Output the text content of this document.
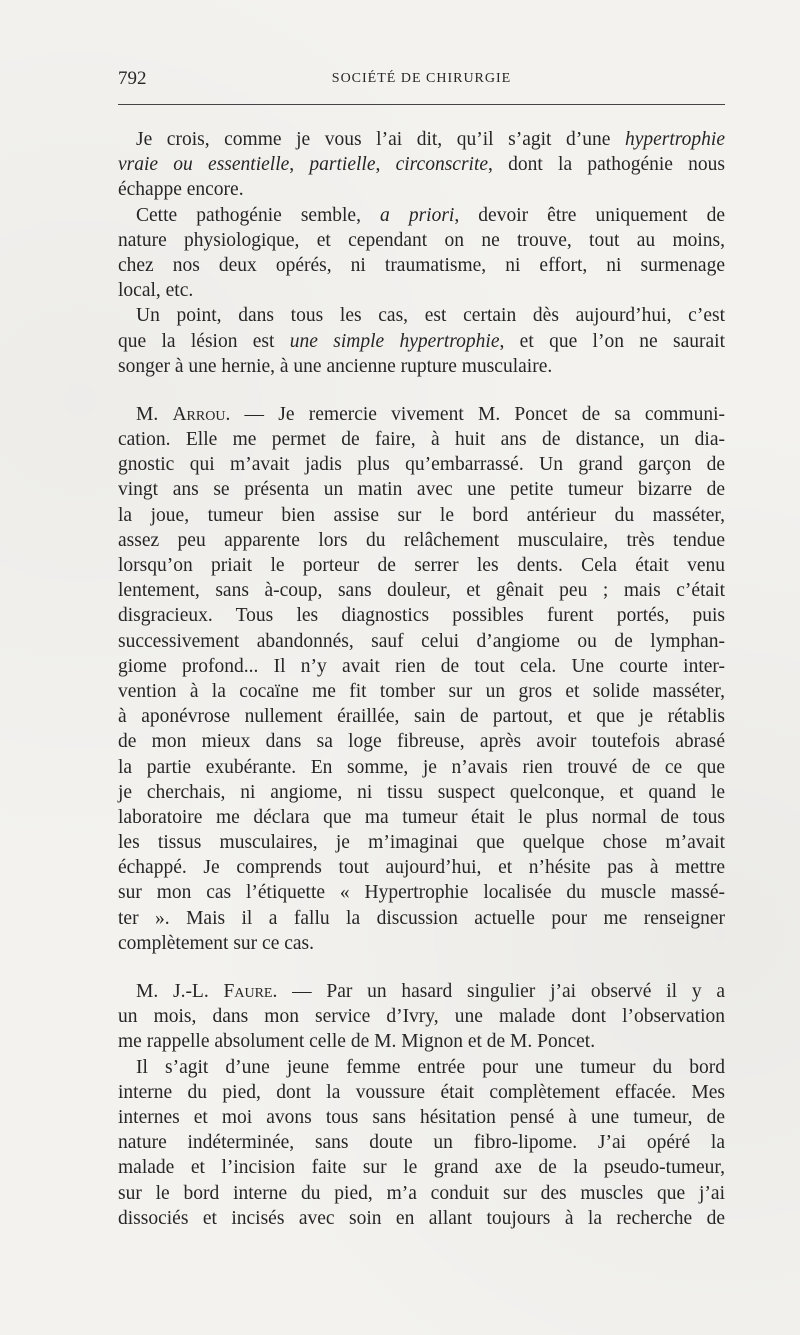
792	SOCIÉTÉ DE CHIRURGIE
Je crois, comme je vous l’ai dit, qu’il s’agit d’une hypertrophie
vraie ou essentielle, partielle, circonscrite, dont la pathogénie nous
échappe encore.
Cette pathogénie semble, a priori, devoir être uniquement de
nature physiologique, et cependant on ne trouve, tout au moins,
chez nos deux opérés, ni traumatisme, ni effort, ni surmenage
local, etc.
Un point, dans tous les cas, est certain dès aujourd’hui, c’est
que la lésion est une simple hypertrophie, et que l’on ne saurait
songer à une hernie, à une ancienne rupture musculaire.
M. Arrou. — Je remercie vivement M. Poncet de sa communi-
cation. Elle me permet de faire, à huit ans de distance, un dia-
gnostic qui m’avait jadis plus qu’embarrassé. Un grand garçon de
vingt ans se présenta un matin avec une petite tumeur bizarre de
la joue, tumeur bien assise sur le bord antérieur du masséter,
assez peu apparente lors du relâchement musculaire, très tendue
lorsqu’on priait le porteur de serrer les dents. Cela était venu
lentement, sans à-coup, sans douleur, et gênait peu ; mais c’était
disgracieux. Tous les diagnostics possibles furent portés, puis
successivement abandonnés, sauf celui d’angiome ou de lymphan-
giome profond... Il n’y avait rien de tout cela. Une courte inter-
vention à la cocaïne me fit tomber sur un gros et solide masséter,
à aponévrose nullement éraillée, sain de partout, et que je rétablis
de mon mieux dans sa loge fibreuse, après avoir toutefois abrasé
la partie exubérante. En somme, je n’avais rien trouvé de ce que
je cherchais, ni angiome, ni tissu suspect quelconque, et quand le
laboratoire me déclara que ma tumeur était le plus normal de tous
les tissus musculaires, je m’imaginai que quelque chose m’avait
échappé. Je comprends tout aujourd’hui, et n’hésite pas à mettre
sur mon cas l’étiquette « Hypertrophie localisée du muscle massé-
ter ». Mais il a fallu la discussion actuelle pour me renseigner
complètement sur ce cas.
M. J.-L. Faure. — Par un hasard singulier j’ai observé il y a
un mois, dans mon service d’Ivry, une malade dont l’observation
me rappelle absolument celle de M. Mignon et de M. Poncet.
Il s’agit d’une jeune femme entrée pour une tumeur du bord
interne du pied, dont la voussure était complètement effacée. Mes
internes et moi avons tous sans hésitation pensé à une tumeur, de
nature indéterminée, sans doute un fibro-lipome. J’ai opéré la
malade et l’incision faite sur le grand axe de la pseudo-tumeur,
sur le bord interne du pied, m’a conduit sur des muscles que j’ai
dissociés et incisés avec soin en allant toujours à la recherche de
